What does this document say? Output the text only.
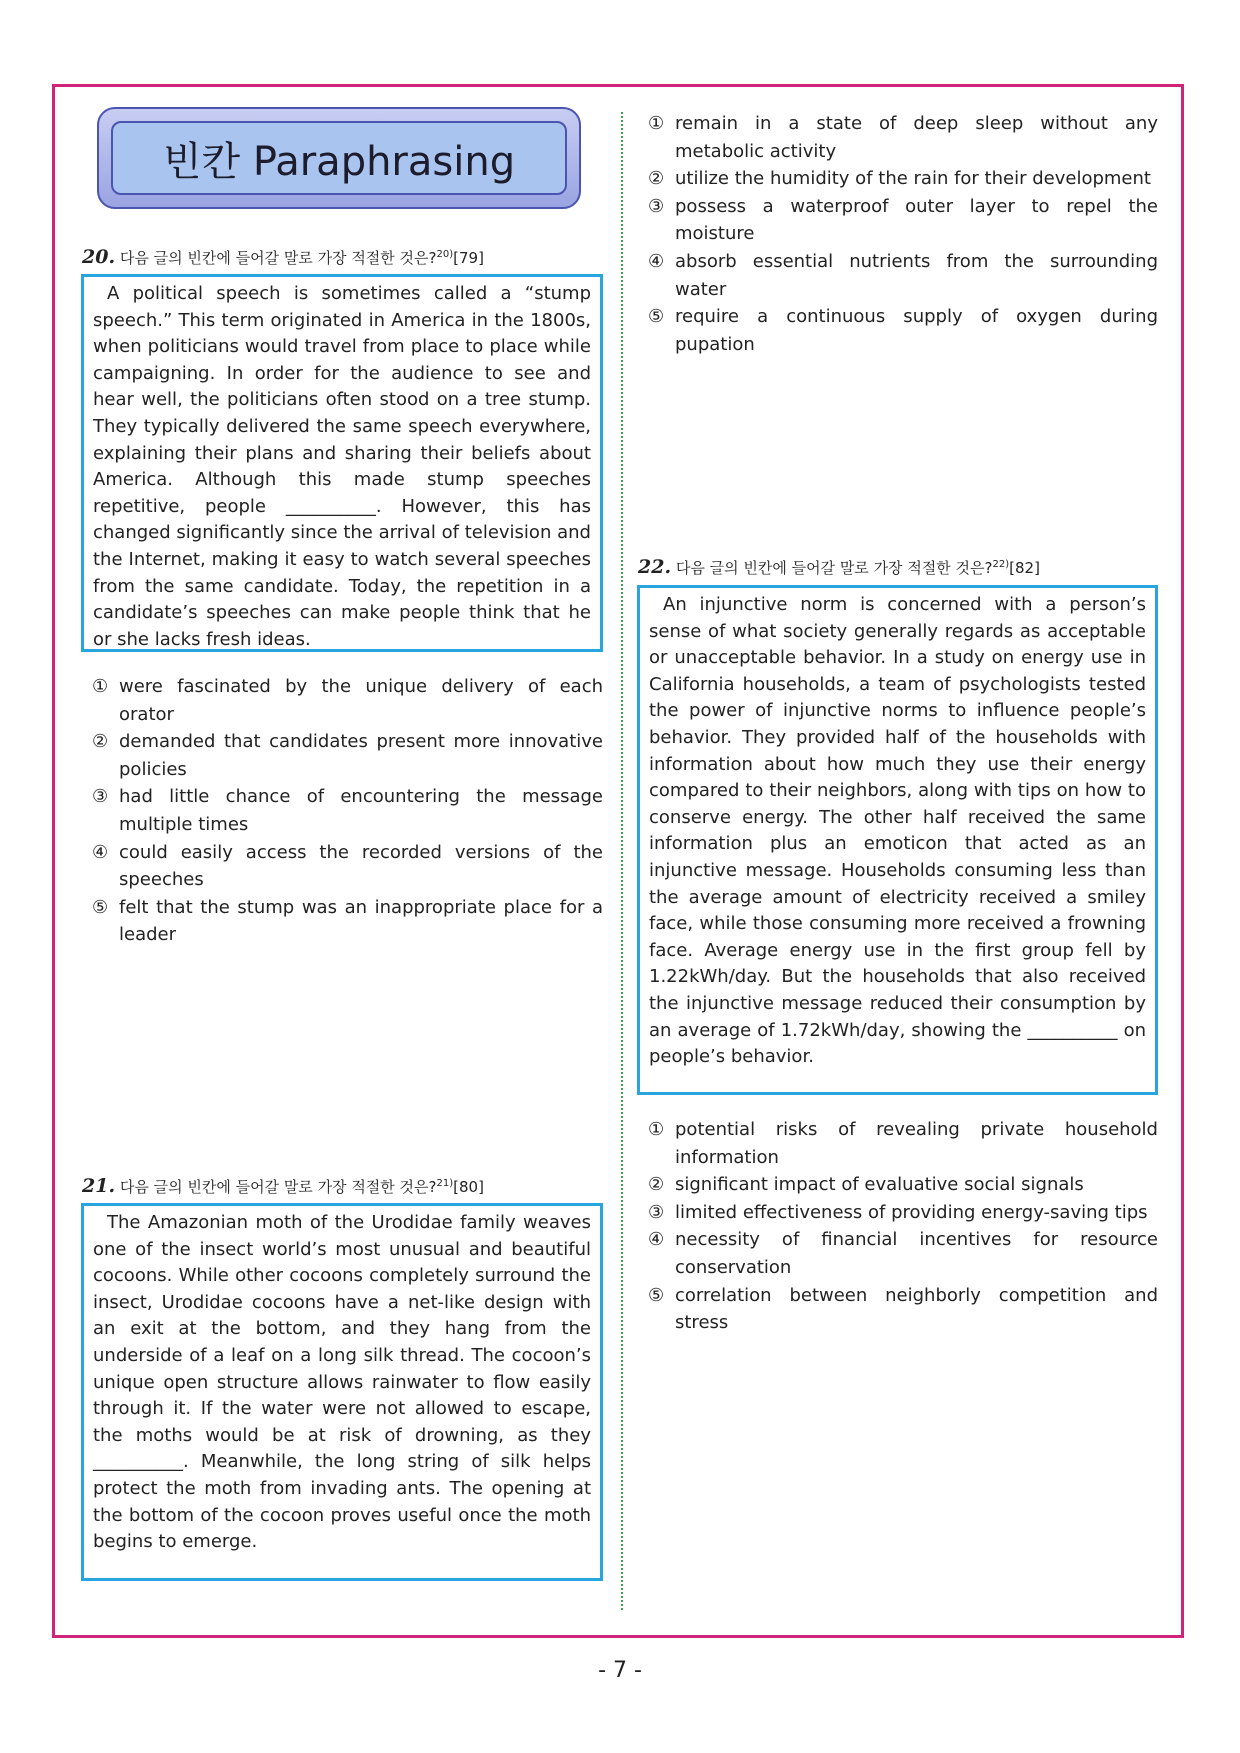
빈칸 Paraphrasing
20. 다음 글의 빈칸에 들어갈 말로 가장 적절한 것은?$^{20)}$[79]
A political speech is sometimes called a “stump speech.” This term originated in America in the 1800s, when politicians would travel from place to place while campaigning. In order for the audience to see and hear well, the politicians often stood on a tree stump. They typically delivered the same speech everywhere, explaining their plans and sharing their beliefs about America. Although this made stump speeches repetitive, people __________. However, this has changed significantly since the arrival of television and the Internet, making it easy to watch several speeches from the same candidate. Today, the repetition in a candidate’s speeches can make people think that he or she lacks fresh ideas.
① were fascinated by the unique delivery of each orator
② demanded that candidates present more innovative policies
③ had little chance of encountering the message multiple times
④ could easily access the recorded versions of the speeches
⑤ felt that the stump was an inappropriate place for a leader
21. 다음 글의 빈칸에 들어갈 말로 가장 적절한 것은?$^{21)}$[80]
The Amazonian moth of the Urodidae family weaves one of the insect world’s most unusual and beautiful cocoons. While other cocoons completely surround the insect, Urodidae cocoons have a net-like design with an exit at the bottom, and they hang from the underside of a leaf on a long silk thread. The cocoon’s unique open structure allows rainwater to flow easily through it. If the water were not allowed to escape, the moths would be at risk of drowning, as they __________. Meanwhile, the long string of silk helps protect the moth from invading ants. The opening at the bottom of the cocoon proves useful once the moth begins to emerge.
① remain in a state of deep sleep without any metabolic activity
② utilize the humidity of the rain for their development
③ possess a waterproof outer layer to repel the moisture
④ absorb essential nutrients from the surrounding water
⑤ require a continuous supply of oxygen during pupation
22. 다음 글의 빈칸에 들어갈 말로 가장 적절한 것은?$^{22)}$[82]
An injunctive norm is concerned with a person’s sense of what society generally regards as acceptable or unacceptable behavior. In a study on energy use in California households, a team of psychologists tested the power of injunctive norms to influence people’s behavior. They provided half of the households with information about how much they use their energy compared to their neighbors, along with tips on how to conserve energy. The other half received the same information plus an emoticon that acted as an injunctive message. Households consuming less than the average amount of electricity received a smiley face, while those consuming more received a frowning face. Average energy use in the first group fell by 1.22kWh/day. But the households that also received the injunctive message reduced their consumption by an average of 1.72kWh/day, showing the __________ on people’s behavior.
① potential risks of revealing private household information
② significant impact of evaluative social signals
③ limited effectiveness of providing energy-saving tips
④ necessity of financial incentives for resource conservation
⑤ correlation between neighborly competition and stress
- 7 -
